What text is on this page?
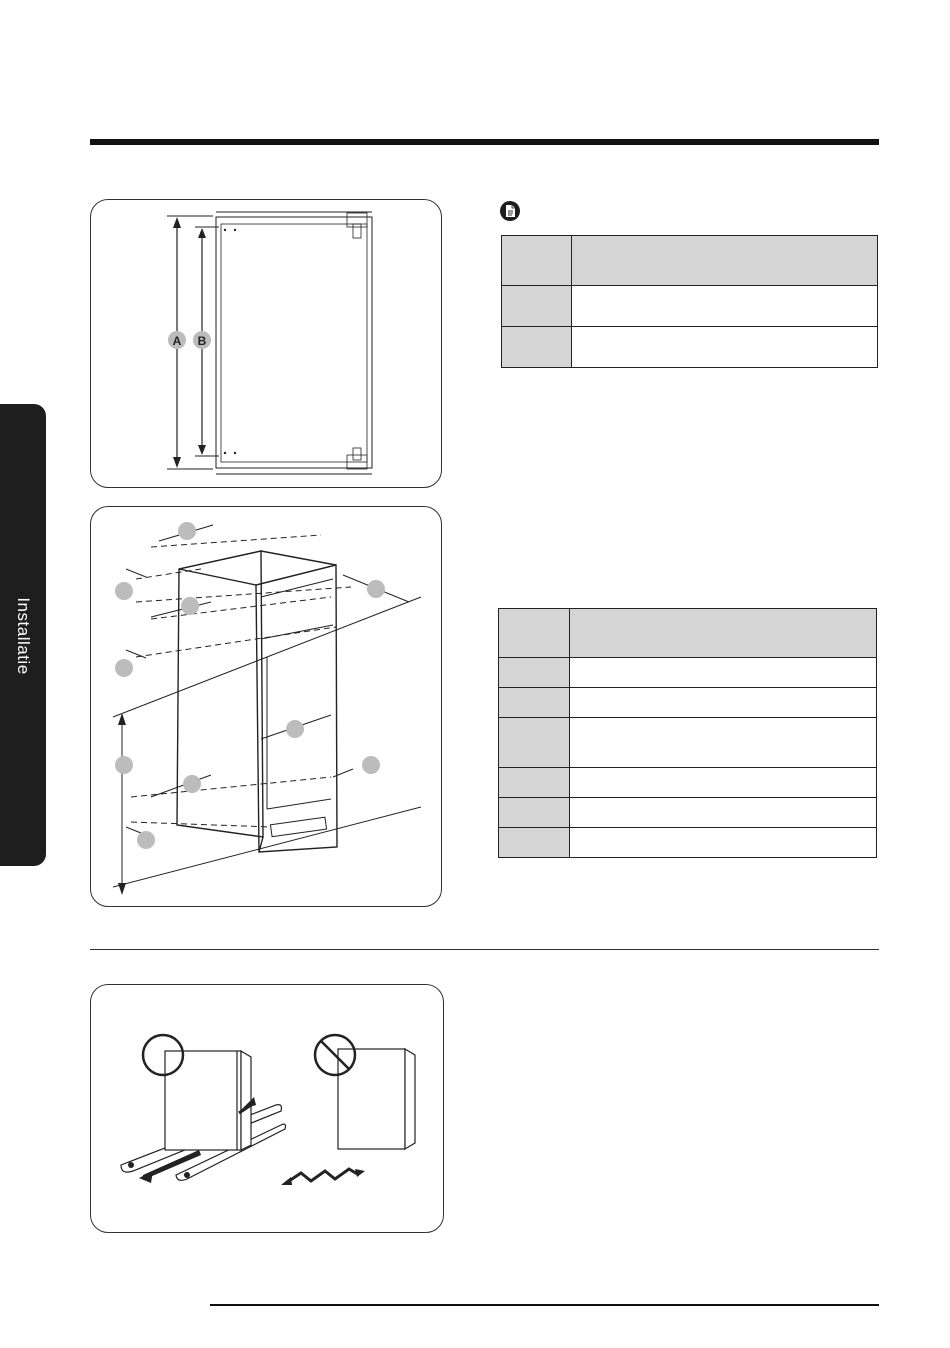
Installatie
A B
